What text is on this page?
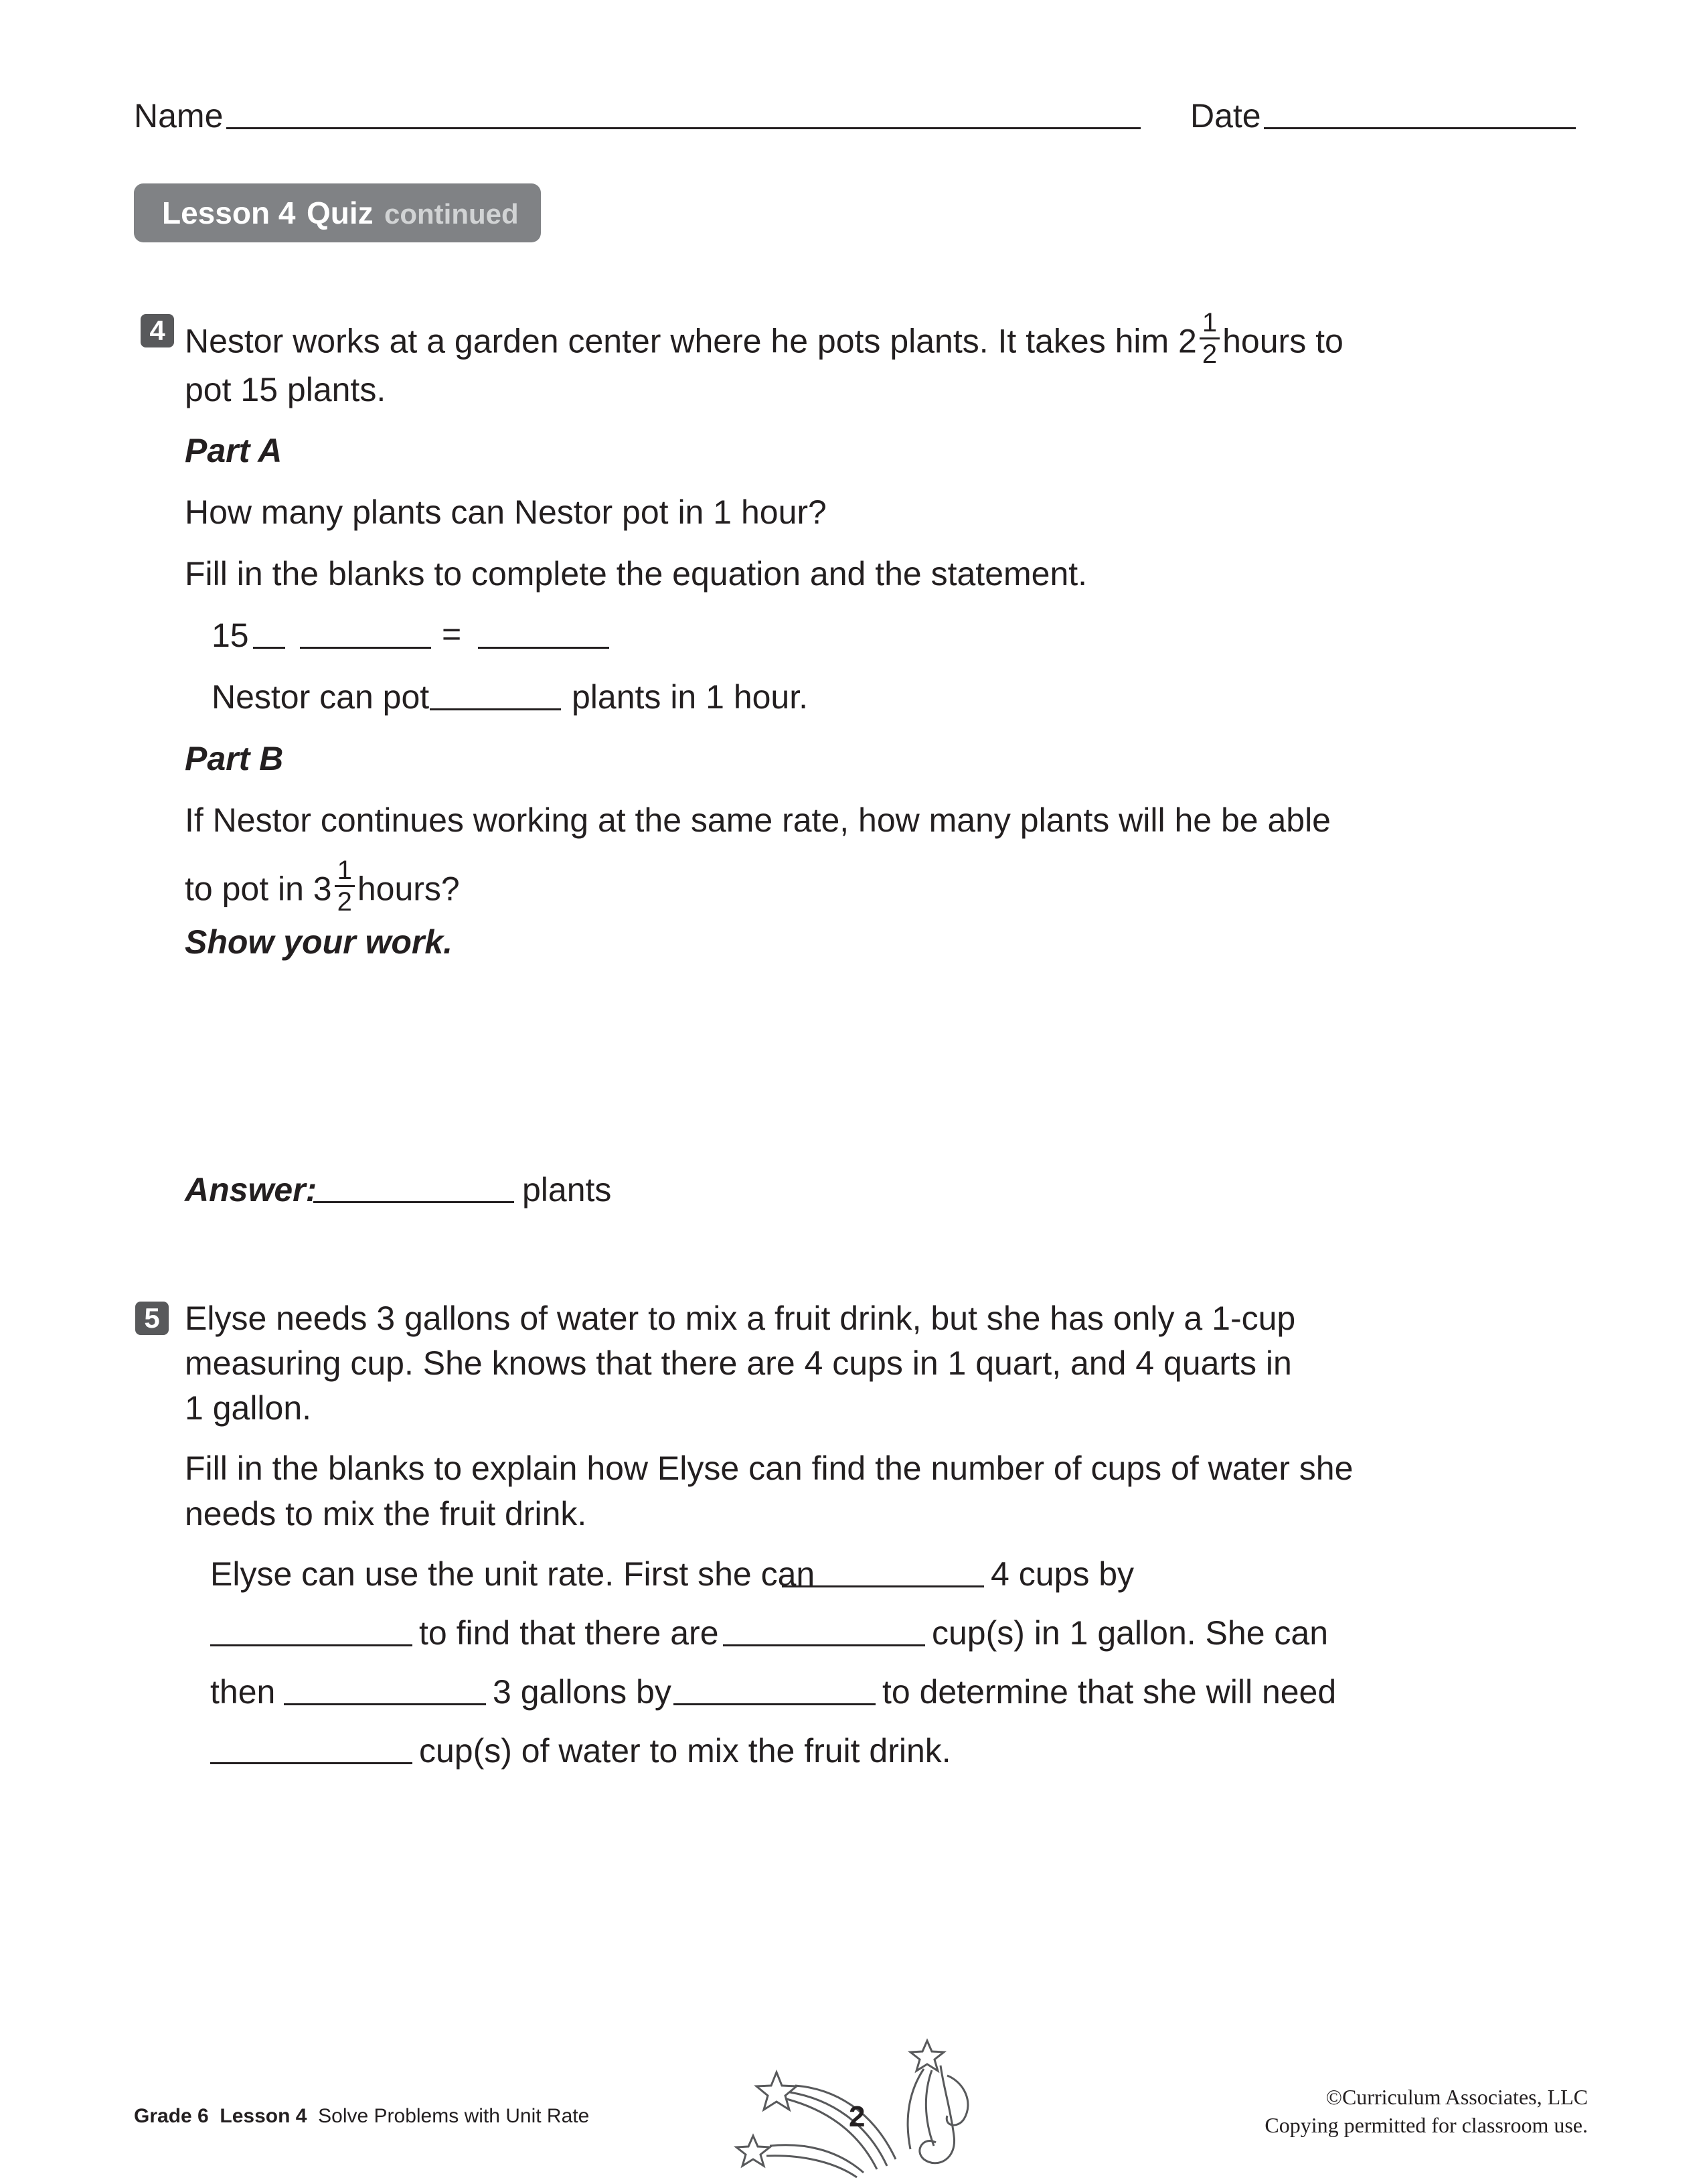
Name	Date
Lesson 4 Quiz continued
4 Nestor works at a garden center where he pots plants. It takes him $2 \frac{1}{2}$ hours to
pot 15 plants.
Part A
How many plants can Nestor pot in 1 hour?
Fill in the blanks to complete the equation and the statement.
15	=
Nestor can pot	plants in 1 hour.
Part B
If Nestor continues working at the same rate, how many plants will he be able
to pot in $3 \frac{1}{2}$ hours?
Show your work.
Answer:	plants
5 Elyse needs 3 gallons of water to mix a fruit drink, but she has only a 1-cup
measuring cup. She knows that there are 4 cups in 1 quart, and 4 quarts in
1 gallon.
Fill in the blanks to explain how Elyse can find the number of cups of water she
needs to mix the fruit drink.
Elyse can use the unit rate. First she can	4 cups by
to find that there are	cup(s) in 1 gallon. She can
then	3 gallons by	to determine that she will need
cup(s) of water to mix the fruit drink.
Grade 6 Lesson 4 Solve Problems with Unit Rate	2
©Curriculum Associates, LLC
Copying permitted for classroom use.
